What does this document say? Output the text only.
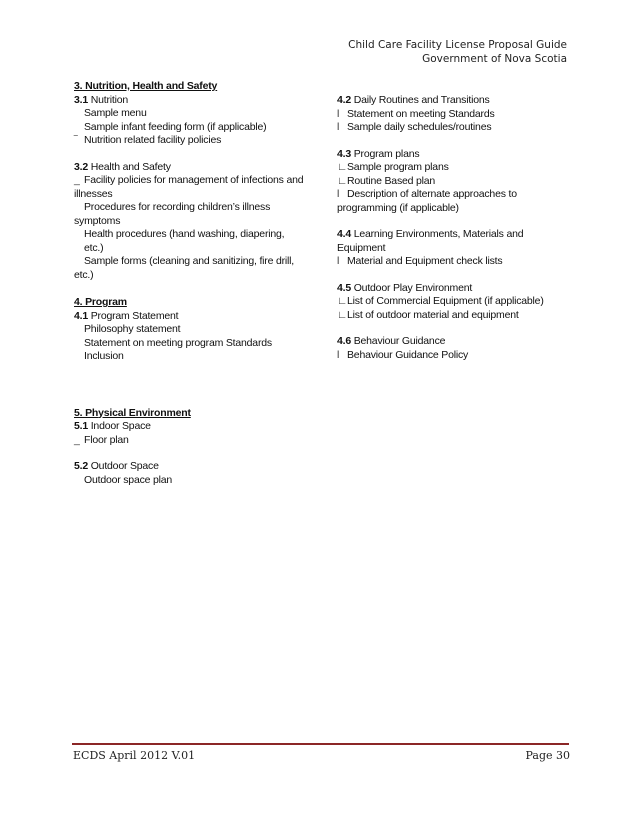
Child Care Facility License Proposal Guide
Government of Nova Scotia
3. Nutrition, Health and Safety
3.1 Nutrition
Sample menu
Sample infant feeding form (if applicable)
‾ Nutrition related facility policies
3.2 Health and Safety
_ Facility policies for management of infections and illnesses
Procedures for recording children’s illness symptoms
Health procedures (hand washing, diapering, etc.)
Sample forms (cleaning and sanitizing, fire drill, etc.)
4. Program
4.1 Program Statement
Philosophy statement
Statement on meeting program Standards
Inclusion
5. Physical Environment
5.1 Indoor Space
_ Floor plan
5.2 Outdoor Space
Outdoor space plan
4.2 Daily Routines and Transitions
l Statement on meeting Standards
l Sample daily schedules/routines
4.3 Program plans
∟Sample program plans
∟Routine Based plan
l Description of alternate approaches to programming (if applicable)
4.4 Learning Environments, Materials and Equipment
l Material and Equipment check lists
4.5 Outdoor Play Environment
∟List of Commercial Equipment (if applicable)
∟List of outdoor material and equipment
4.6 Behaviour Guidance
l Behaviour Guidance Policy
ECDS April 2012 V.01	Page 30
